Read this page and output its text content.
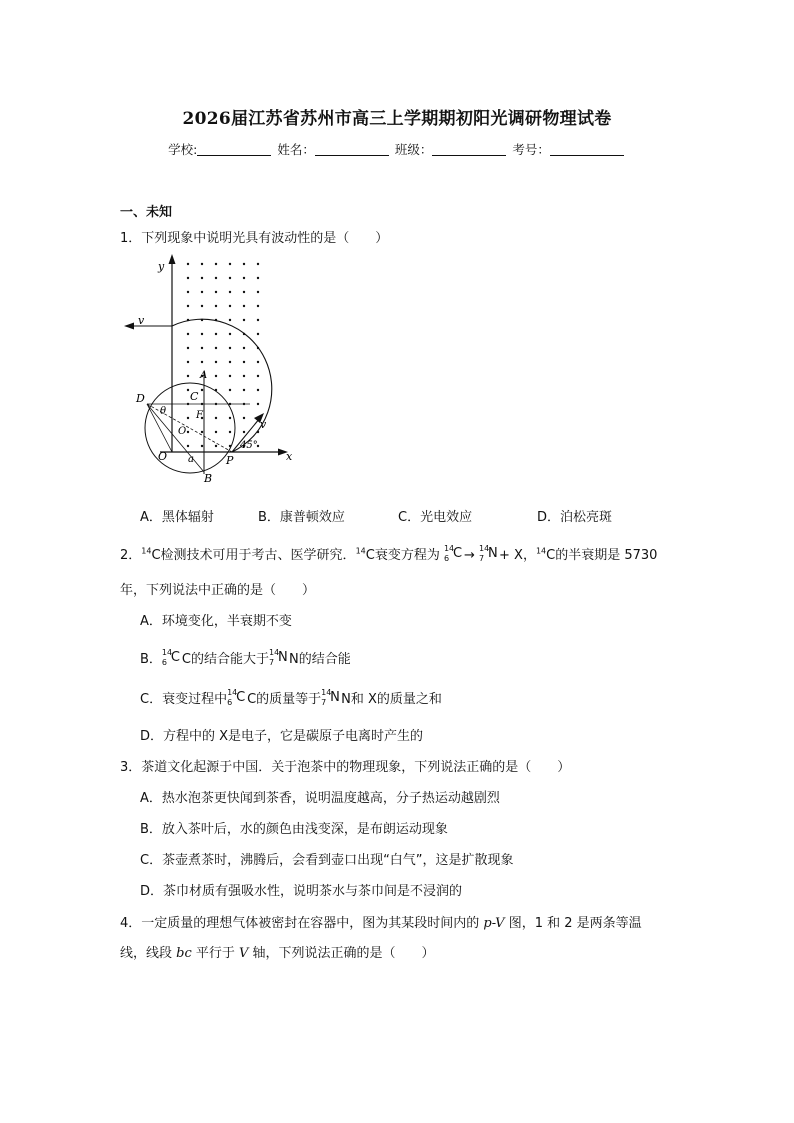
2026届江苏省苏州市高三上学期期初阳光调研物理试卷
学校:	姓名：	班级：	考号：
一、未知
1．下列现象中说明光具有波动性的是（　　）
y
x
v
v
D	C
F
A
O
O a	P
B
45°
θ
A．黑体辐射	B．康普顿效应	C．光电效应	D．泊松亮斑
2．$^{14}$C检测技术可用于考古、医学研究．$^{14}$C衰变方程为 14
6 C → 14
7 N + X，$^{14}$C的半衰期是 5730
年，下列说法中正确的是（　　）
A．环境变化，半衰期不变
B． 14
6 C C的结合能大于 14
7 N N的结合能
C．衰变过程中 14
6 C C的质量等于 14
7 N N和 X的质量之和
D．方程中的 X是电子，它是碳原子电离时产生的
3．茶道文化起源于中国．关于泡茶中的物理现象，下列说法正确的是（　　）
A．热水泡茶更快闻到茶香，说明温度越高，分子热运动越剧烈
B．放入茶叶后，水的颜色由浅变深，是布朗运动现象
C．茶壶煮茶时，沸腾后，会看到壶口出现“白气”，这是扩散现象
D．茶巾材质有强吸水性，说明茶水与茶巾间是不浸润的
4．一定质量的理想气体被密封在容器中，图为其某段时间内的 p-V 图，1 和 2 是两条等温
线，线段 bc 平行于 V 轴，下列说法正确的是（　　）
